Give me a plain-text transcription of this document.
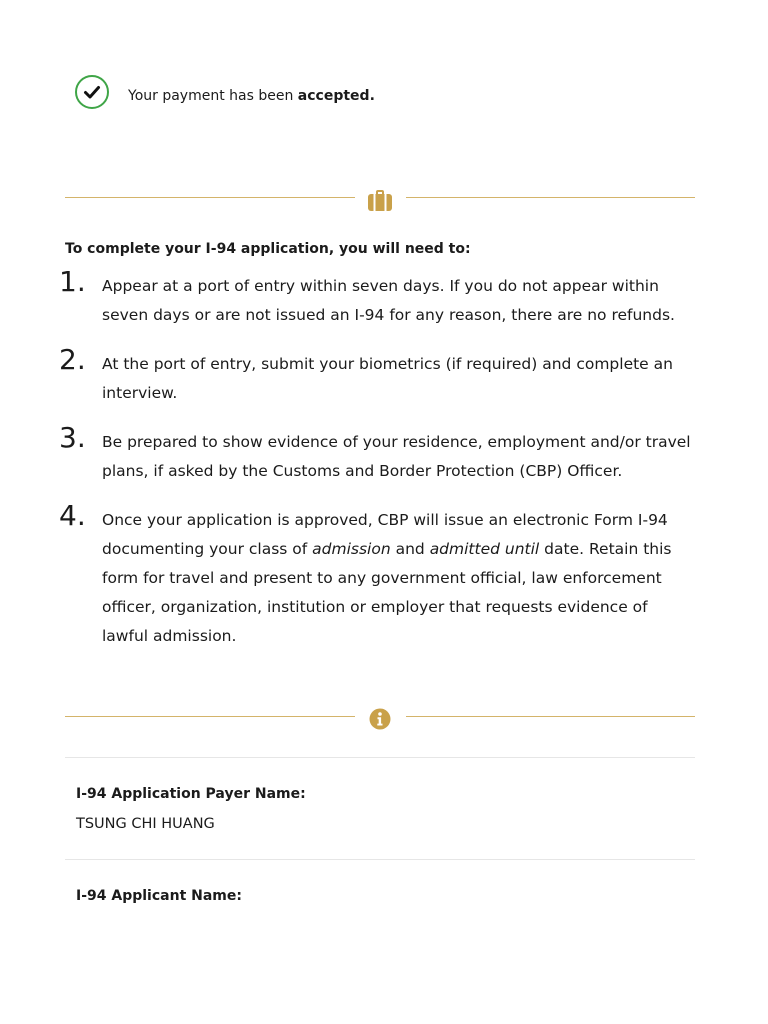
Your payment has been accepted.
To complete your I-94 application, you will need to:
1. Appear at a port of entry within seven days. If you do not appear within seven days or are not issued an I-94 for any reason, there are no refunds.
2. At the port of entry, submit your biometrics (if required) and complete an interview.
3. Be prepared to show evidence of your residence, employment and/or travel plans, if asked by the Customs and Border Protection (CBP) Officer.
4. Once your application is approved, CBP will issue an electronic Form I-94 documenting your class of admission and admitted until date. Retain this form for travel and present to any government official, law enforcement officer, organization, institution or employer that requests evidence of lawful admission.
I-94 Application Payer Name:
TSUNG CHI HUANG
I-94 Applicant Name:
